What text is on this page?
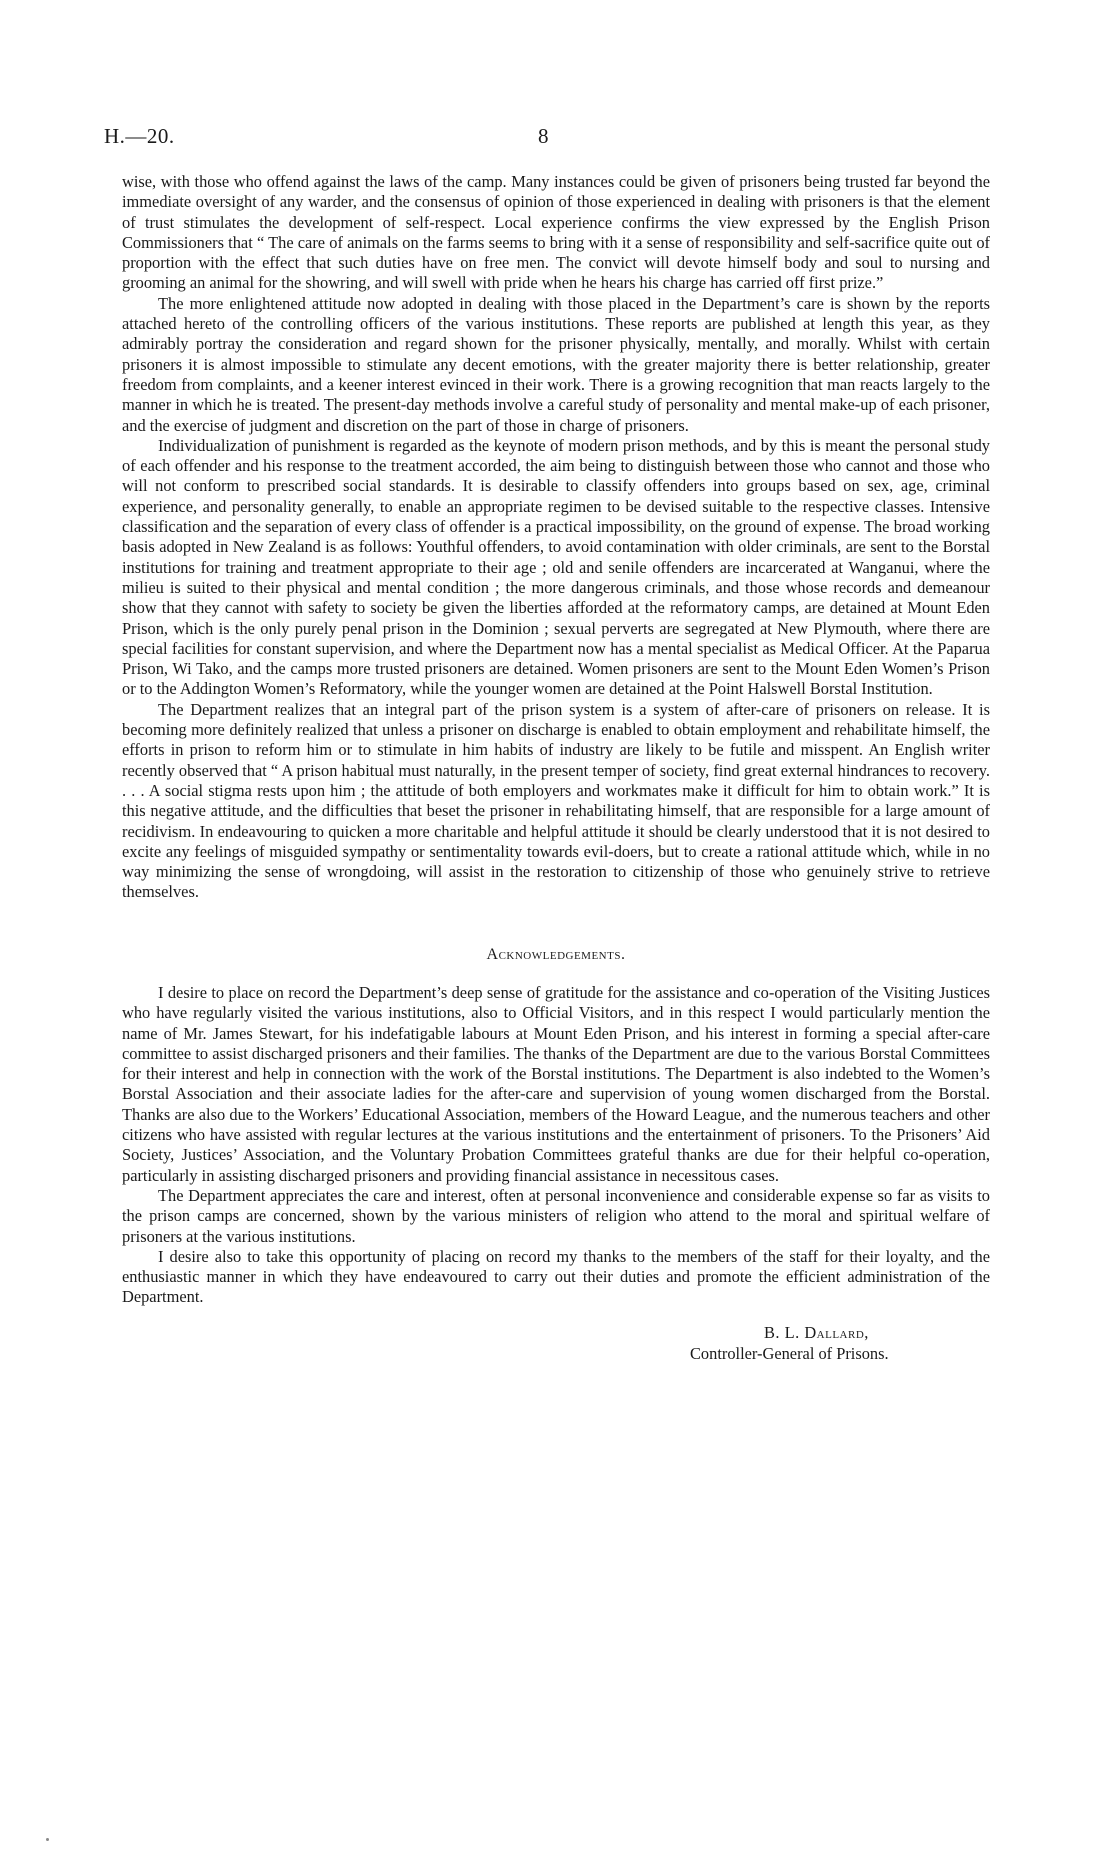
H.—20.	8

wise, with those who offend against the laws of the camp. Many instances could be given of prisoners being trusted far beyond the immediate oversight of any warder, and the consensus of opinion of those experienced in dealing with prisoners is that the element of trust stimulates the development of self-respect. Local experience confirms the view expressed by the English Prison Commissioners that “ The care of animals on the farms seems to bring with it a sense of responsibility and self-sacrifice quite out of proportion with the effect that such duties have on free men. The convict will devote himself body and soul to nursing and grooming an animal for the showring, and will swell with pride when he hears his charge has carried off first prize.”

The more enlightened attitude now adopted in dealing with those placed in the Department’s care is shown by the reports attached hereto of the controlling officers of the various institutions. These reports are published at length this year, as they admirably portray the consideration and regard shown for the prisoner physically, mentally, and morally. Whilst with certain prisoners it is almost impossible to stimulate any decent emotions, with the greater majority there is better relationship, greater freedom from complaints, and a keener interest evinced in their work. There is a growing recognition that man reacts largely to the manner in which he is treated. The present-day methods involve a careful study of personality and mental make-up of each prisoner, and the exercise of judgment and discretion on the part of those in charge of prisoners.

Individualization of punishment is regarded as the keynote of modern prison methods, and by this is meant the personal study of each offender and his response to the treatment accorded, the aim being to distinguish between those who cannot and those who will not conform to prescribed social standards. It is desirable to classify offenders into groups based on sex, age, criminal experience, and personality generally, to enable an appropriate regimen to be devised suitable to the respective classes. Intensive classification and the separation of every class of offender is a practical impossibility, on the ground of expense. The broad working basis adopted in New Zealand is as follows: Youthful offenders, to avoid contamination with older criminals, are sent to the Borstal institutions for training and treatment appropriate to their age ; old and senile offenders are incarcerated at Wanganui, where the milieu is suited to their physical and mental condition ; the more dangerous criminals, and those whose records and demeanour show that they cannot with safety to society be given the liberties afforded at the reformatory camps, are detained at Mount Eden Prison, which is the only purely penal prison in the Dominion ; sexual perverts are segregated at New Plymouth, where there are special facilities for constant supervision, and where the Department now has a mental specialist as Medical Officer. At the Paparua Prison, Wi Tako, and the camps more trusted prisoners are detained. Women prisoners are sent to the Mount Eden Women’s Prison or to the Addington Women’s Reformatory, while the younger women are detained at the Point Halswell Borstal Institution.

The Department realizes that an integral part of the prison system is a system of after-care of prisoners on release. It is becoming more definitely realized that unless a prisoner on discharge is enabled to obtain employment and rehabilitate himself, the efforts in prison to reform him or to stimulate in him habits of industry are likely to be futile and misspent. An English writer recently observed that “ A prison habitual must naturally, in the present temper of society, find great external hindrances to recovery. . . . A social stigma rests upon him ; the attitude of both employers and workmates make it difficult for him to obtain work.” It is this negative attitude, and the difficulties that beset the prisoner in rehabilitating himself, that are responsible for a large amount of recidivism. In endeavouring to quicken a more charitable and helpful attitude it should be clearly understood that it is not desired to excite any feelings of misguided sympathy or sentimentality towards evil-doers, but to create a rational attitude which, while in no way minimizing the sense of wrongdoing, will assist in the restoration to citizenship of those who genuinely strive to retrieve themselves.

Acknowledgements.

I desire to place on record the Department’s deep sense of gratitude for the assistance and co-operation of the Visiting Justices who have regularly visited the various institutions, also to Official Visitors, and in this respect I would particularly mention the name of Mr. James Stewart, for his indefatigable labours at Mount Eden Prison, and his interest in forming a special after-care committee to assist discharged prisoners and their families. The thanks of the Department are due to the various Borstal Committees for their interest and help in connection with the work of the Borstal institutions. The Department is also indebted to the Women’s Borstal Association and their associate ladies for the after-care and supervision of young women discharged from the Borstal. Thanks are also due to the Workers’ Educational Association, members of the Howard League, and the numerous teachers and other citizens who have assisted with regular lectures at the various institutions and the entertainment of prisoners. To the Prisoners’ Aid Society, Justices’ Association, and the Voluntary Probation Committees grateful thanks are due for their helpful co-operation, particularly in assisting discharged prisoners and providing financial assistance in necessitous cases.

The Department appreciates the care and interest, often at personal inconvenience and considerable expense so far as visits to the prison camps are concerned, shown by the various ministers of religion who attend to the moral and spiritual welfare of prisoners at the various institutions.

I desire also to take this opportunity of placing on record my thanks to the members of the staff for their loyalty, and the enthusiastic manner in which they have endeavoured to carry out their duties and promote the efficient administration of the Department.

B. L. Dallard,
Controller-General of Prisons.
